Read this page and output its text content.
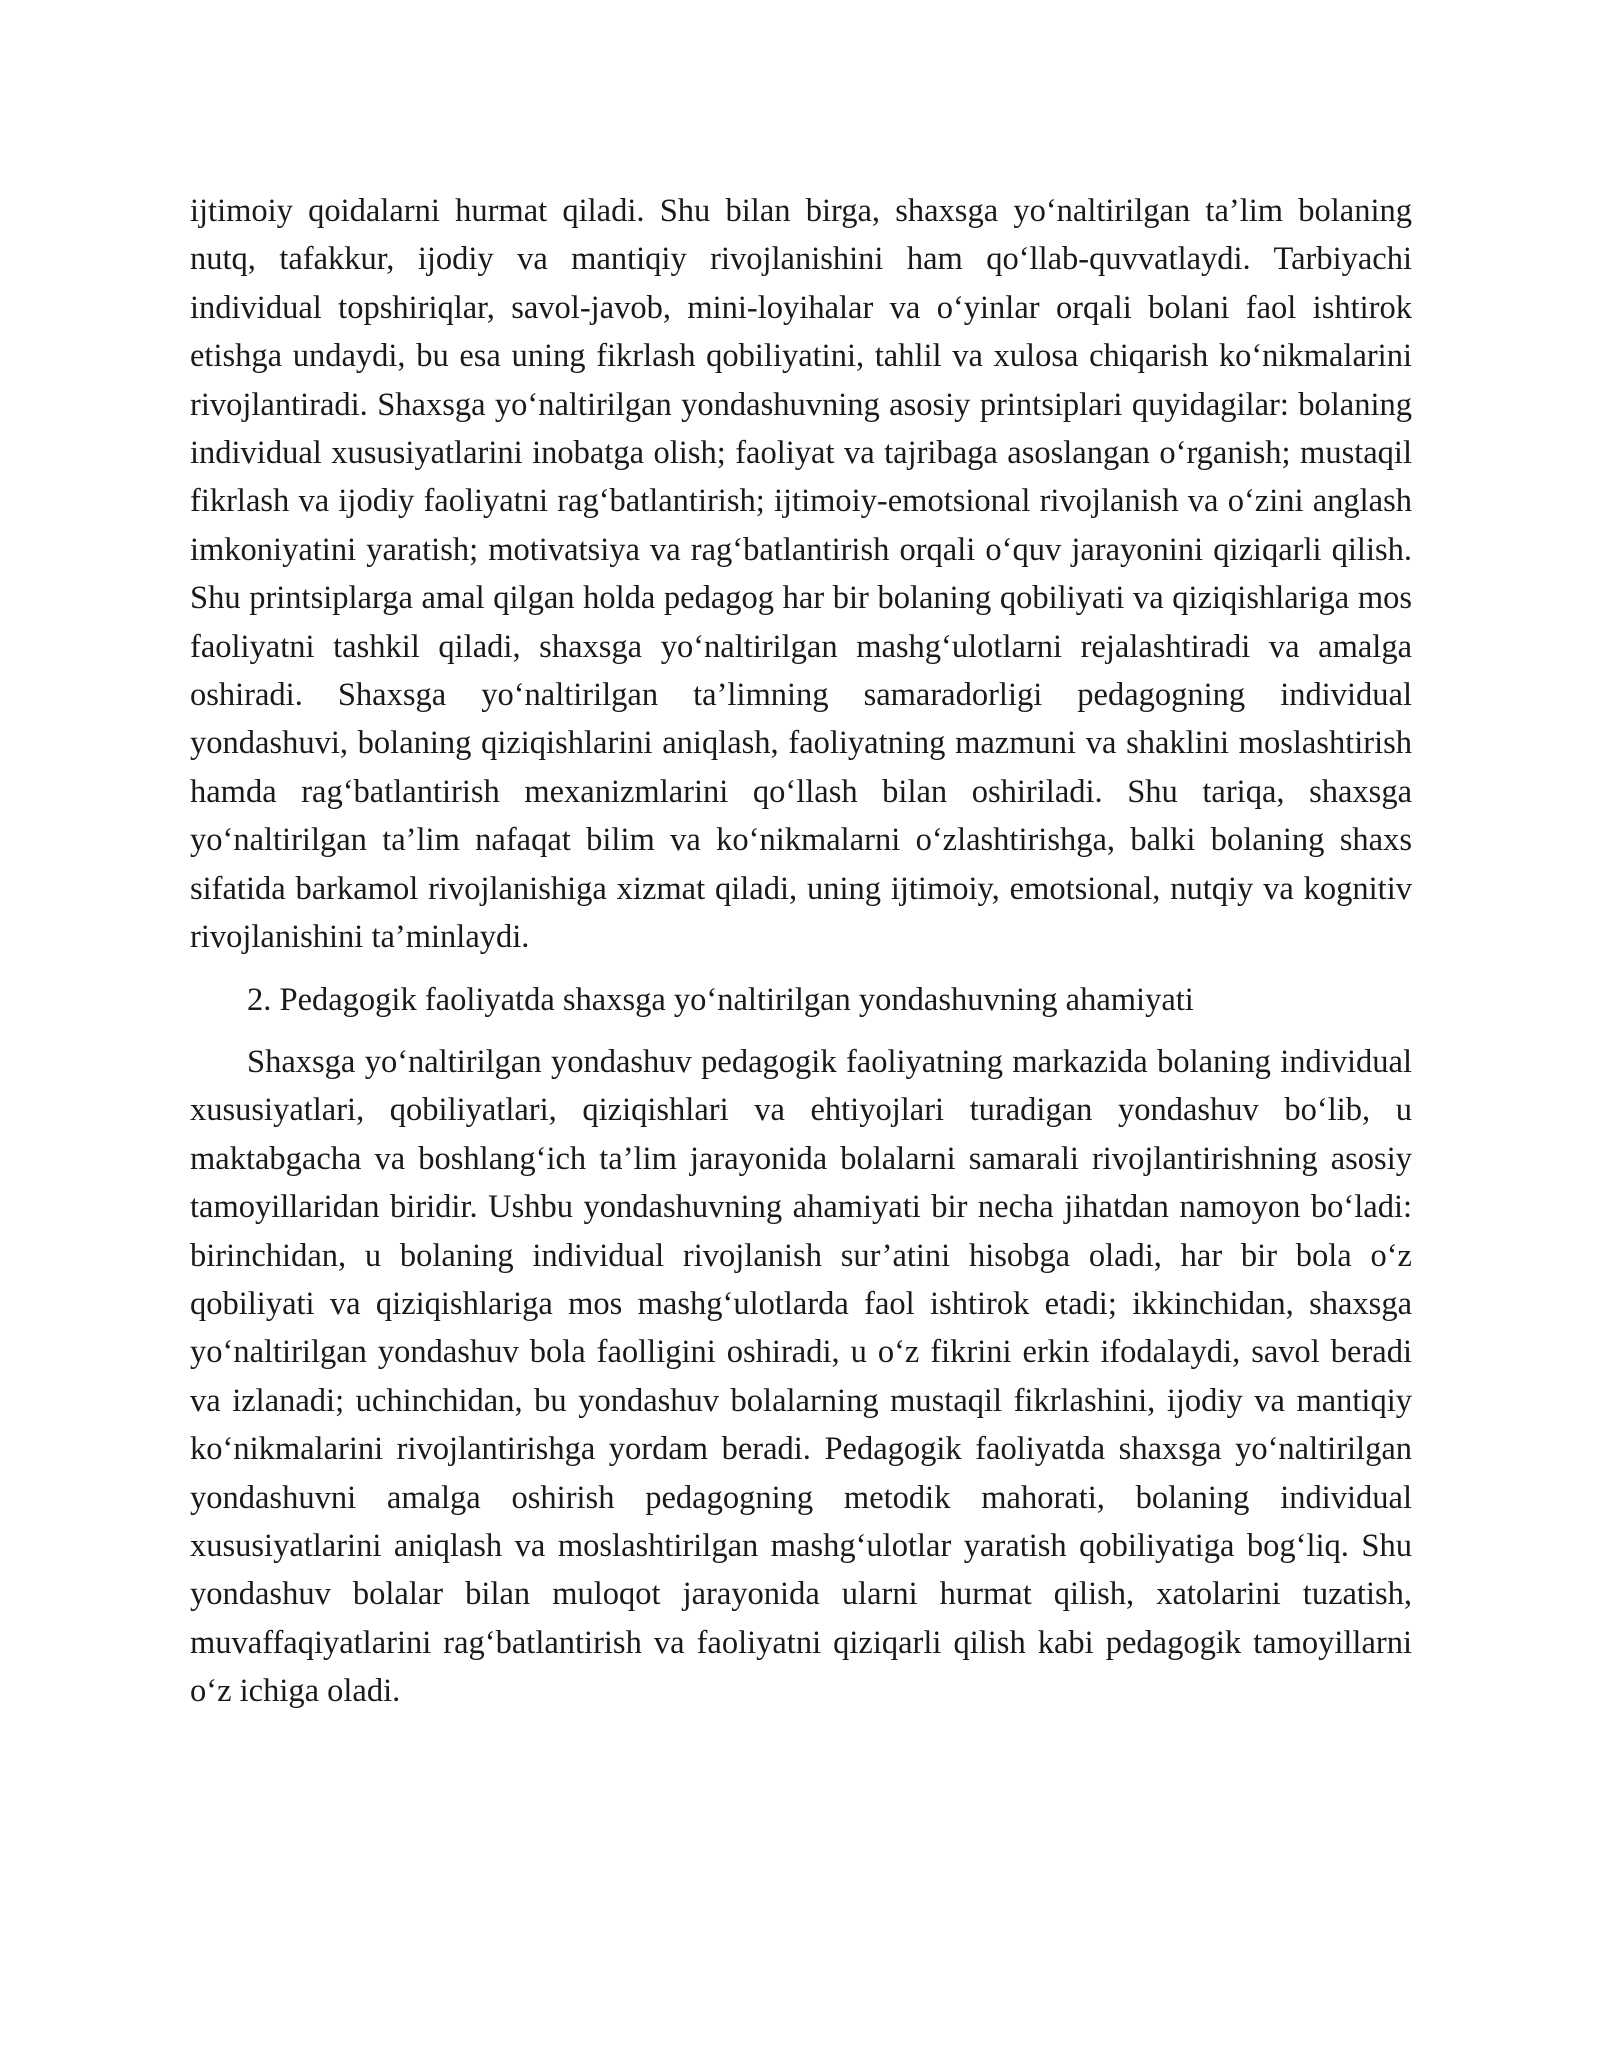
ijtimoiy qoidalarni hurmat qiladi. Shu bilan birga, shaxsga yo‘naltirilgan ta’lim bolaning nutq, tafakkur, ijodiy va mantiqiy rivojlanishini ham qo‘llab-quvvatlaydi. Tarbiyachi individual topshiriqlar, savol-javob, mini-loyihalar va o‘yinlar orqali bolani faol ishtirok etishga undaydi, bu esa uning fikrlash qobiliyatini, tahlil va xulosa chiqarish ko‘nikmalarini rivojlantiradi. Shaxsga yo‘naltirilgan yondashuvning asosiy printsiplari quyidagilar: bolaning individual xususiyatlarini inobatga olish; faoliyat va tajribaga asoslangan o‘rganish; mustaqil fikrlash va ijodiy faoliyatni rag‘batlantirish; ijtimoiy-emotsional rivojlanish va o‘zini anglash imkoniyatini yaratish; motivatsiya va rag‘batlantirish orqali o‘quv jarayonini qiziqarli qilish. Shu printsiplarga amal qilgan holda pedagog har bir bolaning qobiliyati va qiziqishlariga mos faoliyatni tashkil qiladi, shaxsga yo‘naltirilgan mashg‘ulotlarni rejalashtiradi va amalga oshiradi. Shaxsga yo‘naltirilgan ta’limning samaradorligi pedagogning individual yondashuvi, bolaning qiziqishlarini aniqlash, faoliyatning mazmuni va shaklini moslashtirish hamda rag‘batlantirish mexanizmlarini qo‘llash bilan oshiriladi. Shu tariqa, shaxsga yo‘naltirilgan ta’lim nafaqat bilim va ko‘nikmalarni o‘zlashtirishga, balki bolaning shaxs sifatida barkamol rivojlanishiga xizmat qiladi, uning ijtimoiy, emotsional, nutqiy va kognitiv rivojlanishini ta’minlaydi.

2. Pedagogik faoliyatda shaxsga yo‘naltirilgan yondashuvning ahamiyati

Shaxsga yo‘naltirilgan yondashuv pedagogik faoliyatning markazida bolaning individual xususiyatlari, qobiliyatlari, qiziqishlari va ehtiyojlari turadigan yondashuv bo‘lib, u maktabgacha va boshlang‘ich ta’lim jarayonida bolalarni samarali rivojlantirishning asosiy tamoyillaridan biridir. Ushbu yondashuvning ahamiyati bir necha jihatdan namoyon bo‘ladi: birinchidan, u bolaning individual rivojlanish sur’atini hisobga oladi, har bir bola o‘z qobiliyati va qiziqishlariga mos mashg‘ulotlarda faol ishtirok etadi; ikkinchidan, shaxsga yo‘naltirilgan yondashuv bola faolligini oshiradi, u o‘z fikrini erkin ifodalaydi, savol beradi va izlanadi; uchinchidan, bu yondashuv bolalarning mustaqil fikrlashini, ijodiy va mantiqiy ko‘nikmalarini rivojlantirishga yordam beradi. Pedagogik faoliyatda shaxsga yo‘naltirilgan yondashuvni amalga oshirish pedagogning metodik mahorati, bolaning individual xususiyatlarini aniqlash va moslashtirilgan mashg‘ulotlar yaratish qobiliyatiga bog‘liq. Shu yondashuv bolalar bilan muloqot jarayonida ularni hurmat qilish, xatolarini tuzatish, muvaffaqiyatlarini rag‘batlantirish va faoliyatni qiziqarli qilish kabi pedagogik tamoyillarni o‘z ichiga oladi.
